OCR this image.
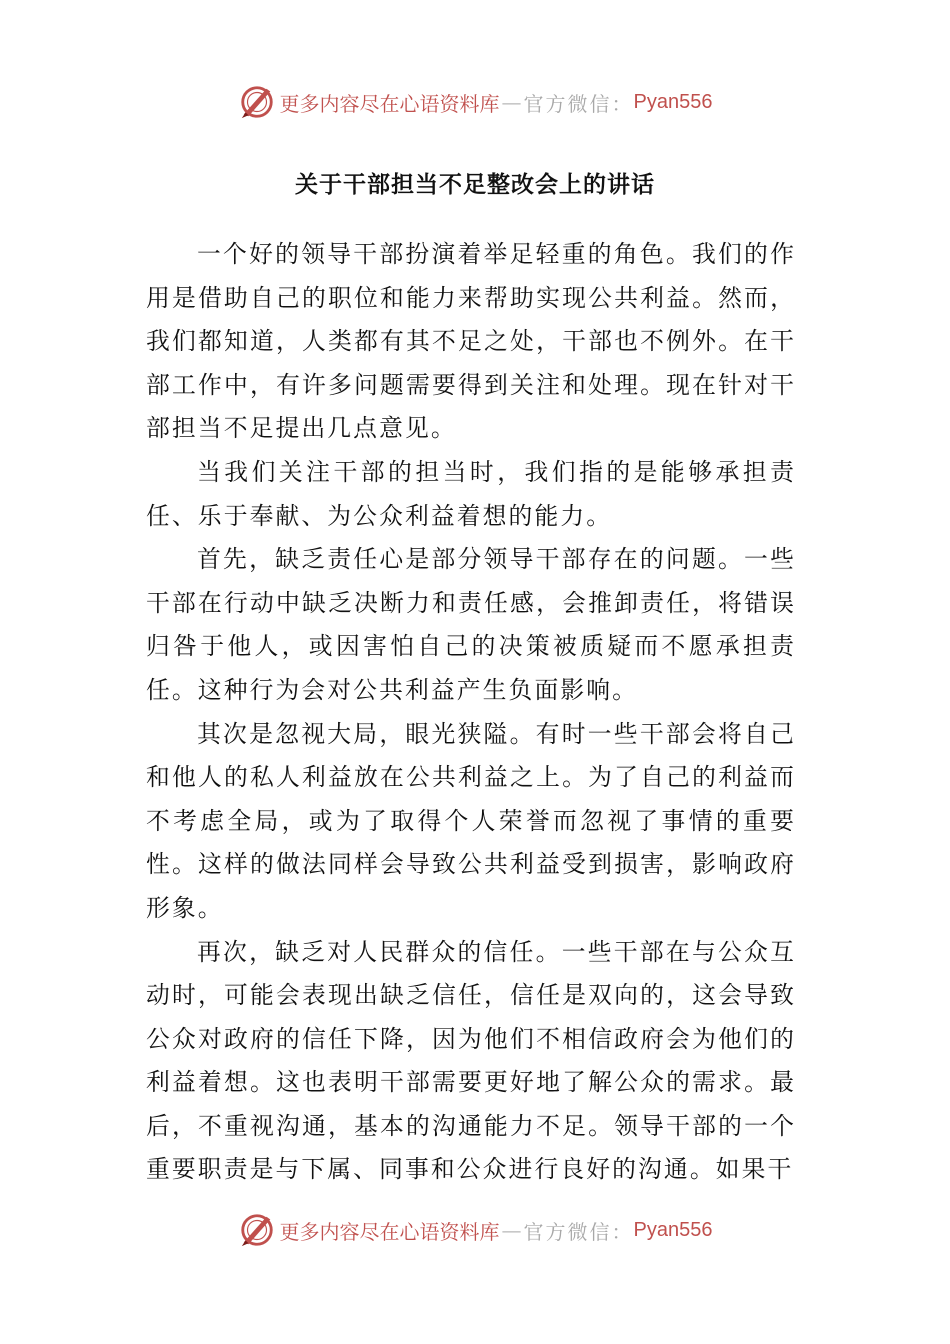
更多内容尽在心语资料库 — 官方微信： Pyan556
关于干部担当不足整改会上的讲话

一个好的领导干部扮演着举足轻重的角色。我们的作用是借助自己的职位和能力来帮助实现公共利益。然而，我们都知道，人类都有其不足之处，干部也不例外。在干部工作中，有许多问题需要得到关注和处理。现在针对干部担当不足提出几点意见。

当我们关注干部的担当时，我们指的是能够承担责任、乐于奉献、为公众利益着想的能力。

首先，缺乏责任心是部分领导干部存在的问题。一些干部在行动中缺乏决断力和责任感，会推卸责任，将错误归咎于他人，或因害怕自己的决策被质疑而不愿承担责任。这种行为会对公共利益产生负面影响。

其次是忽视大局，眼光狭隘。有时一些干部会将自己和他人的私人利益放在公共利益之上。为了自己的利益而不考虑全局，或为了取得个人荣誉而忽视了事情的重要性。这样的做法同样会导致公共利益受到损害，影响政府形象。

再次，缺乏对人民群众的信任。一些干部在与公众互动时，可能会表现出缺乏信任，信任是双向的，这会导致公众对政府的信任下降，因为他们不相信政府会为他们的利益着想。这也表明干部需要更好地了解公众的需求。最后，不重视沟通，基本的沟通能力不足。领导干部的一个重要职责是与下属、同事和公众进行良好的沟通。如果干

更多内容尽在心语资料库 — 官方微信： Pyan556
